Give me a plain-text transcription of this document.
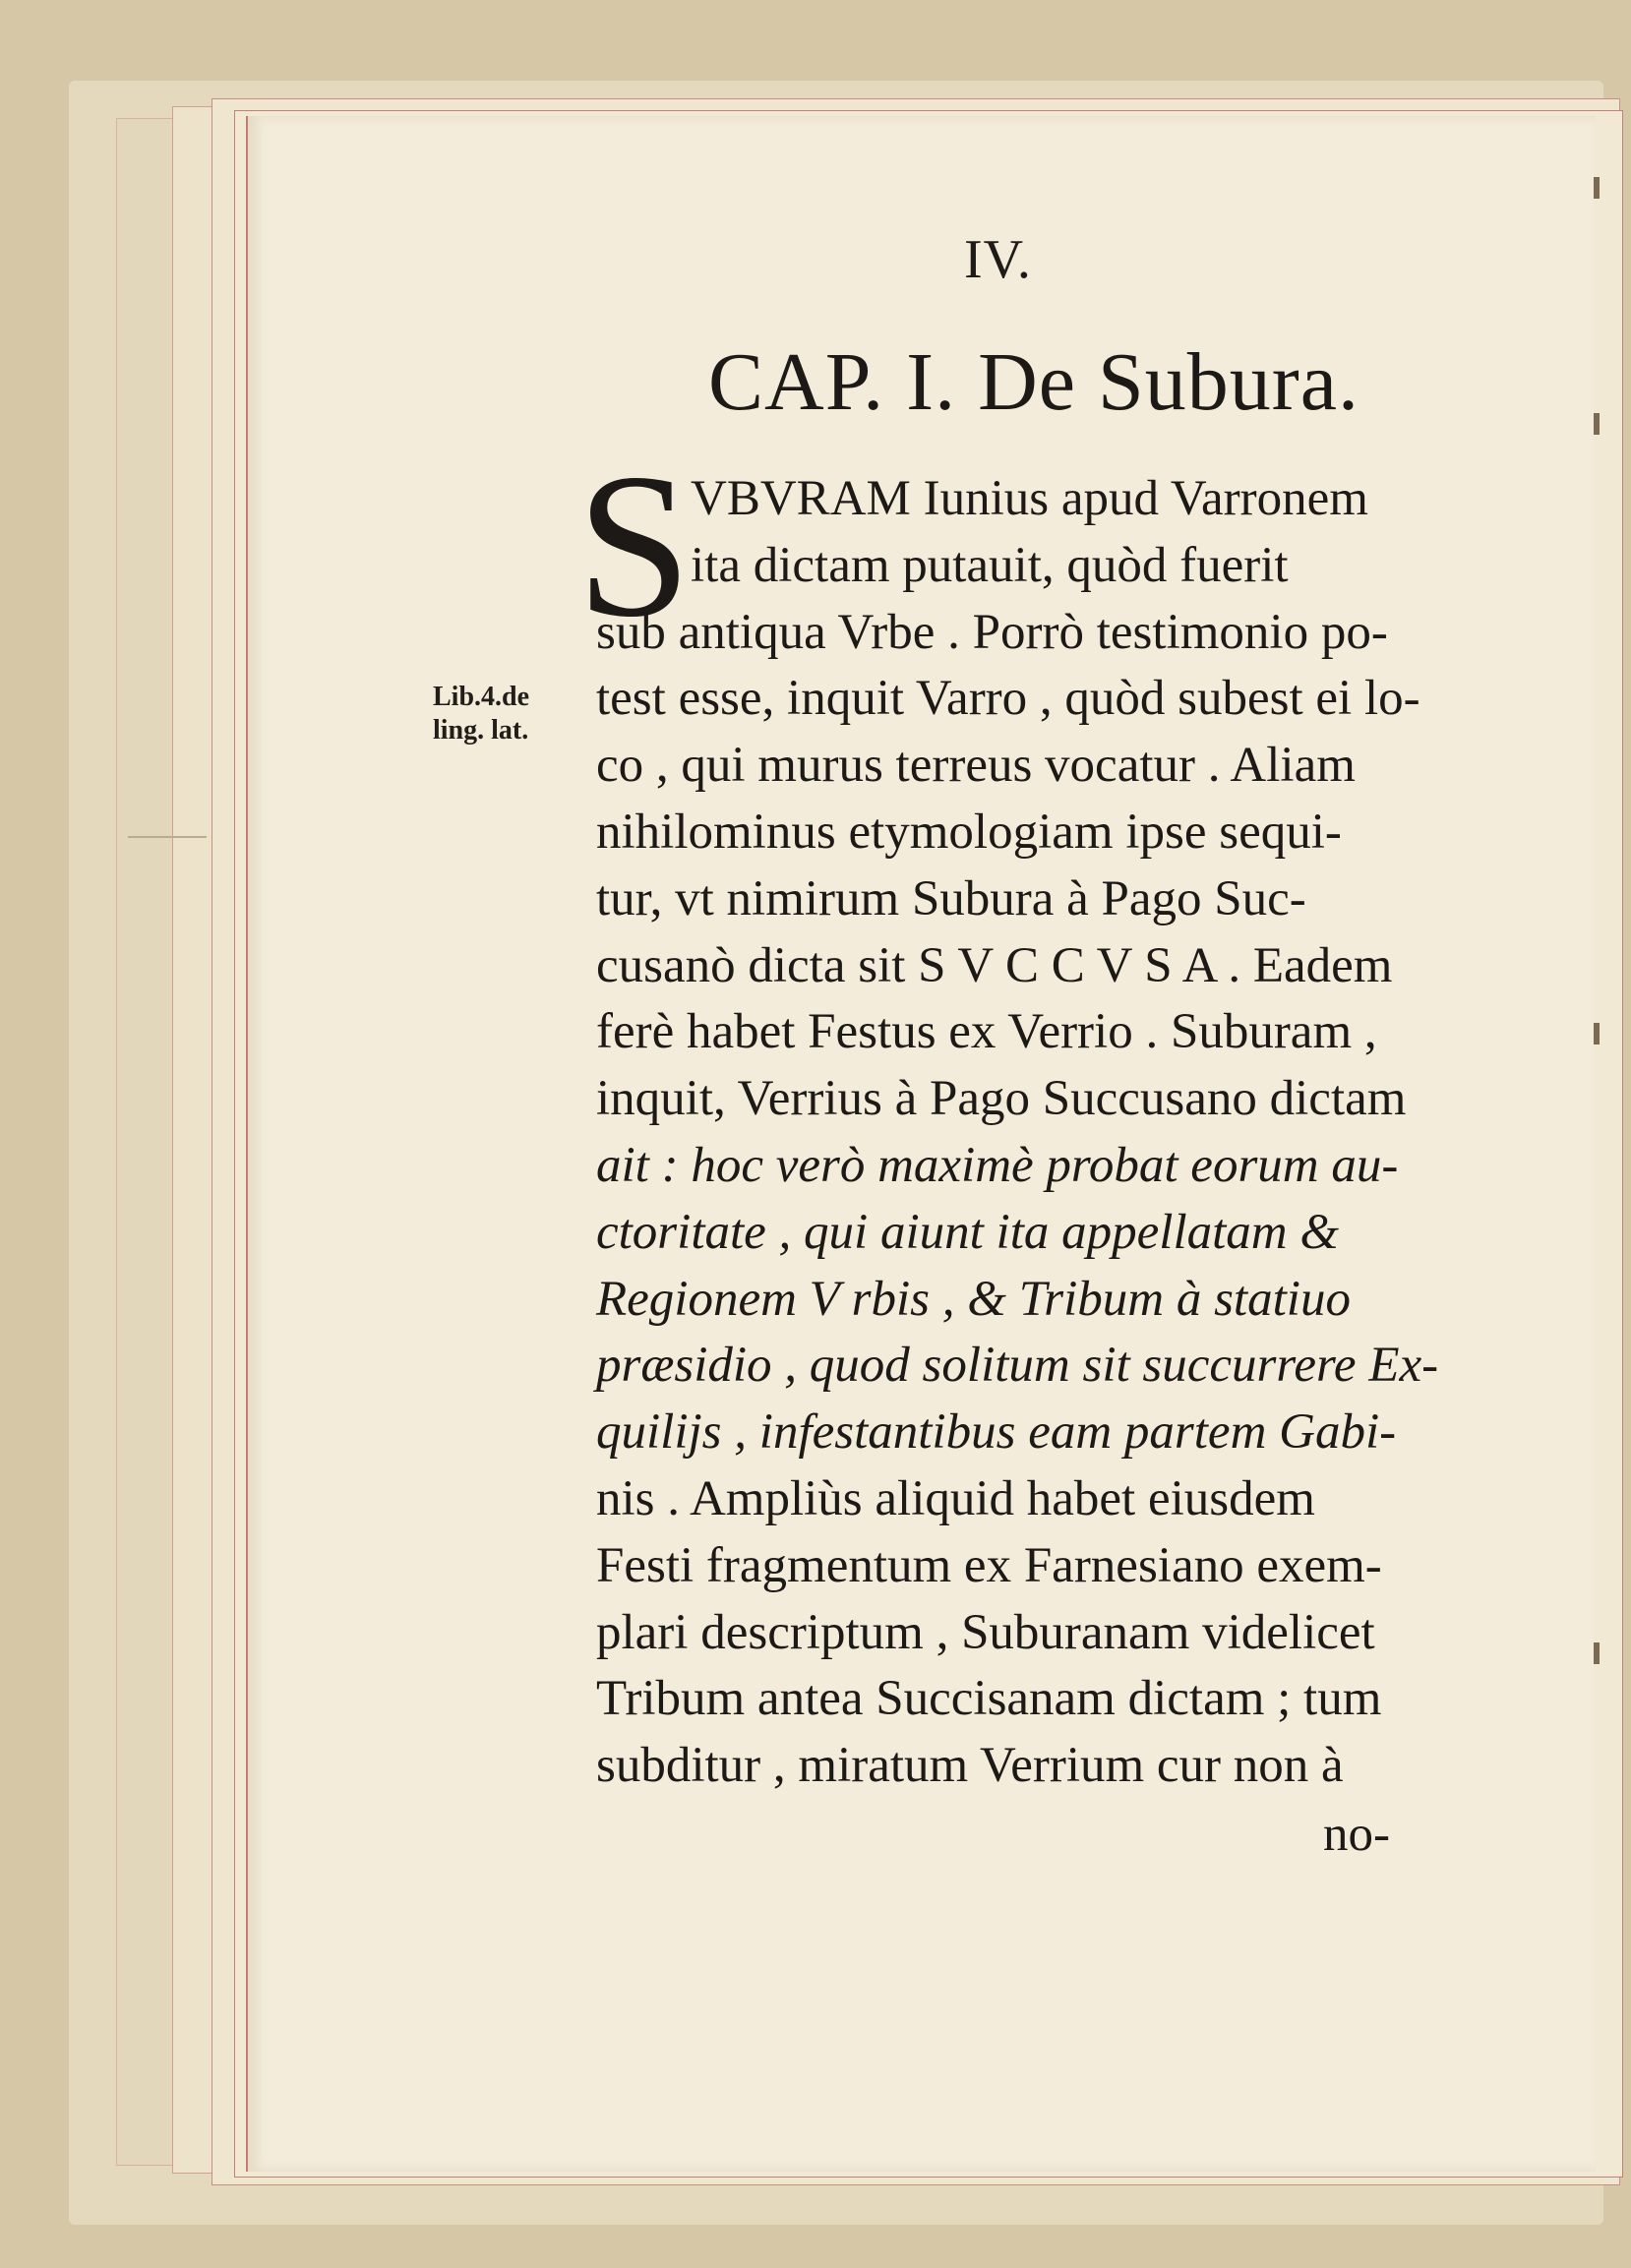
IV.
CAP. I. De Subura.
S
Lib.4.de
ling. lat.
VBVRAM Iunius apud Varronem
ita dictam putauit, quòd fuerit
sub antiqua Vrbe . Porrò testimonio po-
test esse, inquit Varro , quòd subest ei lo-
co , qui murus terreus vocatur . Aliam
nihilominus etymologiam ipse sequi-
tur, vt nimirum Subura à Pago Suc-
cusanò dicta sit S V C C V S A . Eadem
ferè habet Festus ex Verrio . Suburam ,
inquit, Verrius à Pago Succusano dictam
ait : hoc verò maximè probat eorum au-
ctoritate , qui aiunt ita appellatam &
Regionem V rbis , & Tribum à statiuo
præsidio , quod solitum sit succurrere Ex-
quilijs , infestantibus eam partem Gabi-
nis . Ampliùs aliquid habet eiusdem
Festi fragmentum ex Farnesiano exem-
plari descriptum , Suburanam videlicet
Tribum antea Succisanam dictam ; tum
subditur , miratum Verrium cur non à
no-
